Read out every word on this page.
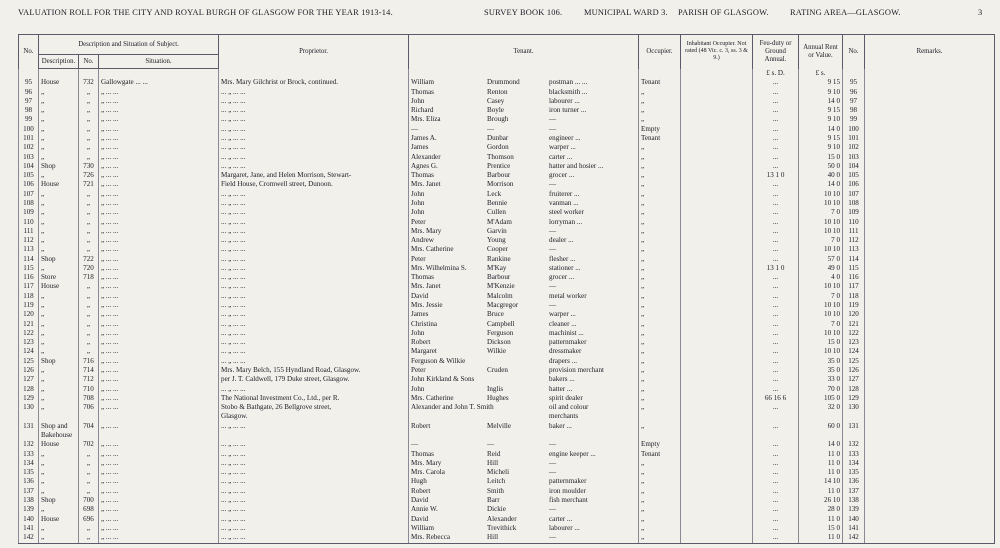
VALUATION ROLL FOR THE CITY AND ROYAL BURGH OF GLASGOW FOR THE YEAR 1913-14.	SURVEY BOOK 106.	MUNICIPAL WARD 3. PARISH OF GLASGOW.	RATING AREA—GLASGOW.	3
No.	Description and Situation of Subject.			Proprietor.	Tenant.	Occupier.	Inhabitant Occupier. Not rated (48 Vic. c. 3, ss. 3 & 9.)	Feu-duty or Ground Annual.	Annual Rent or Value.	No.	Remarks.
	Description.	No.	Situation.								
								£ s. D.	£ s.		
95	House	732	Gallowgate ... ...	Mrs. Mary Gilchrist or Brock, continued.	William Drummond postman ... ...	Tenant		...	9 15	95	
96	„	„	„ ... ...	... „ ... ...	Thomas Renton blacksmith ...	„		...	9 10	96	
97	„	„	„ ... ...	... „ ... ...	John Casey labourer ...	„		...	14 0	97	
98	„	„	„ ... ...	... „ ... ...	Richard Boyle iron turner ...	„		...	9 15	98	
99	„	„	„ ... ...	... „ ... ...	Mrs. Eliza Brough —	„		...	9 10	99	
100	„	„	„ ... ...	... „ ... ...	— — —	Empty		...	14 0	100	
101	„	„	„ ... ...	... „ ... ...	James A. Dunbar engineer ...	Tenant		...	9 15	101	
102	„	„	„ ... ...	... „ ... ...	James Gordon warper ...	„		...	9 10	102	
103	„	„	„ ... ...	... „ ... ...	Alexander Thomson carter ...	„		...	15 0	103	
104	Shop	730	„ ... ...	... „ ... ...	Agnes G. Prentice hatter and hosier ...	„		...	50 0	104	
105	„	726	„ ... ...	Margaret, Jane, and Helen Morrison, Stewart-	Thomas Barbour grocer ...	„		13 1 0	40 0	105	
106	House	721	„ ... ...	Field House, Cromwell street, Dunoon.	Mrs. Janet Morrison —	„		...	14 0	106	
107	„	„	„ ... ...	... „ ... ...	John Leck fruiterer ...	„		...	10 10	107	
108	„	„	„ ... ...	... „ ... ...	John Bennie vanman ...	„		...	10 10	108	
109	„	„	„ ... ...	... „ ... ...	John Cullen steel worker	„		...	7 0	109	
110	„	„	„ ... ...	... „ ... ...	Peter M'Adam lorryman ...	„		...	10 10	110	
111	„	„	„ ... ...	... „ ... ...	Mrs. Mary Garvin —	„		...	10 10	111	
112	„	„	„ ... ...	... „ ... ...	Andrew Young dealer ...	„		...	7 0	112	
113	„	„	„ ... ...	... „ ... ...	Mrs. Catherine Cooper —	„		...	10 10	113	
114	Shop	722	„ ... ...	... „ ... ...	Peter Rankine flesher ...	„		...	57 0	114	
115	„	720	„ ... ...	... „ ... ...	Mrs. Wilhelmina S. M'Kay stationer ...	„		13 1 0	49 0	115	
116	Store	718	„ ... ...	... „ ... ...	Thomas Barbour grocer ...	„		...	4 0	116	
117	House	„	„ ... ...	... „ ... ...	Mrs. Janet M'Kenzie —	„		...	10 10	117	
118	„	„	„ ... ...	... „ ... ...	David Malcolm metal worker	„		...	7 0	118	
119	„	„	„ ... ...	... „ ... ...	Mrs. Jessie Macgregor —	„		...	10 10	119	
120	„	„	„ ... ...	... „ ... ...	James Bruce warper ...	„		...	10 10	120	
121	„	„	„ ... ...	... „ ... ...	Christina Campbell cleaner ...	„		...	7 0	121	
122	„	„	„ ... ...	... „ ... ...	John Ferguson machinist ...	„		...	10 10	122	
123	„	„	„ ... ...	... „ ... ...	Robert Dickson patternmaker	„		...	15 0	123	
124	„	„	„ ... ...	... „ ... ...	Margaret Wilkie dressmaker	„		...	10 10	124	
125	Shop	716	„ ... ...	... „ ... ...	Ferguson & Wilkie drapers ...	„		...	35 0	125	
126	„	714	„ ... ...	Mrs. Mary Belch, 155 Hyndland Road, Glasgow.	Peter Cruden provision merchant	„		...	35 0	126	
127	„	712	„ ... ...	per J. T. Caldwell, 179 Duke street, Glasgow.	John Kirkland & Sons bakers ...	„		...	33 0	127	
128	„	710	„ ... ...	... „ ... ...	John Inglis hatter ...	„		...	70 0	128	
129	„	708	„ ... ...	The National Investment Co., Ltd., per R.	Mrs. Catherine Hughes spirit dealer	„		66 16 6	105 0	129	
130	„	706	„ ... ...	Stobo & Bathgate, 26 Bellgrove street,	Alexander and John T. Smith oil and colour	„		...	32 0	130	
				Glasgow.	merchants						
131	Shop and	704	„ ... ...	... „ ... ...	Robert Melville baker ...	„		...	60 0	131	
	Bakehouse										
132	House	702	„ ... ...	... „ ... ...	— — —	Empty		...	14 0	132	
133	„	„	„ ... ...	... „ ... ...	Thomas Reid engine keeper ...	Tenant		...	11 0	133	
134	„	„	„ ... ...	... „ ... ...	Mrs. Mary Hill —	„		...	11 0	134	
135	„	„	„ ... ...	... „ ... ...	Mrs. Carola Micheli —	„		...	11 0	135	
136	„	„	„ ... ...	... „ ... ...	Hugh Leitch patternmaker	„		...	14 10	136	
137	„	„	„ ... ...	... „ ... ...	Robert Smith iron moulder	„		...	11 0	137	
138	Shop	700	„ ... ...	... „ ... ...	David Barr fish merchant	„		...	26 10	138	
139	„	698	„ ... ...	... „ ... ...	Annie W. Dickie —	„		...	28 0	139	
140	House	696	„ ... ...	... „ ... ...	David Alexander carter ...	„		...	11 0	140	
141	„	„	„ ... ...	... „ ... ...	William Trevithick labourer ...	„		...	15 0	141	
142	„	„	„ ... ...	... „ ... ...	Mrs. Rebecca Hill —	„		...	11 0	142	
